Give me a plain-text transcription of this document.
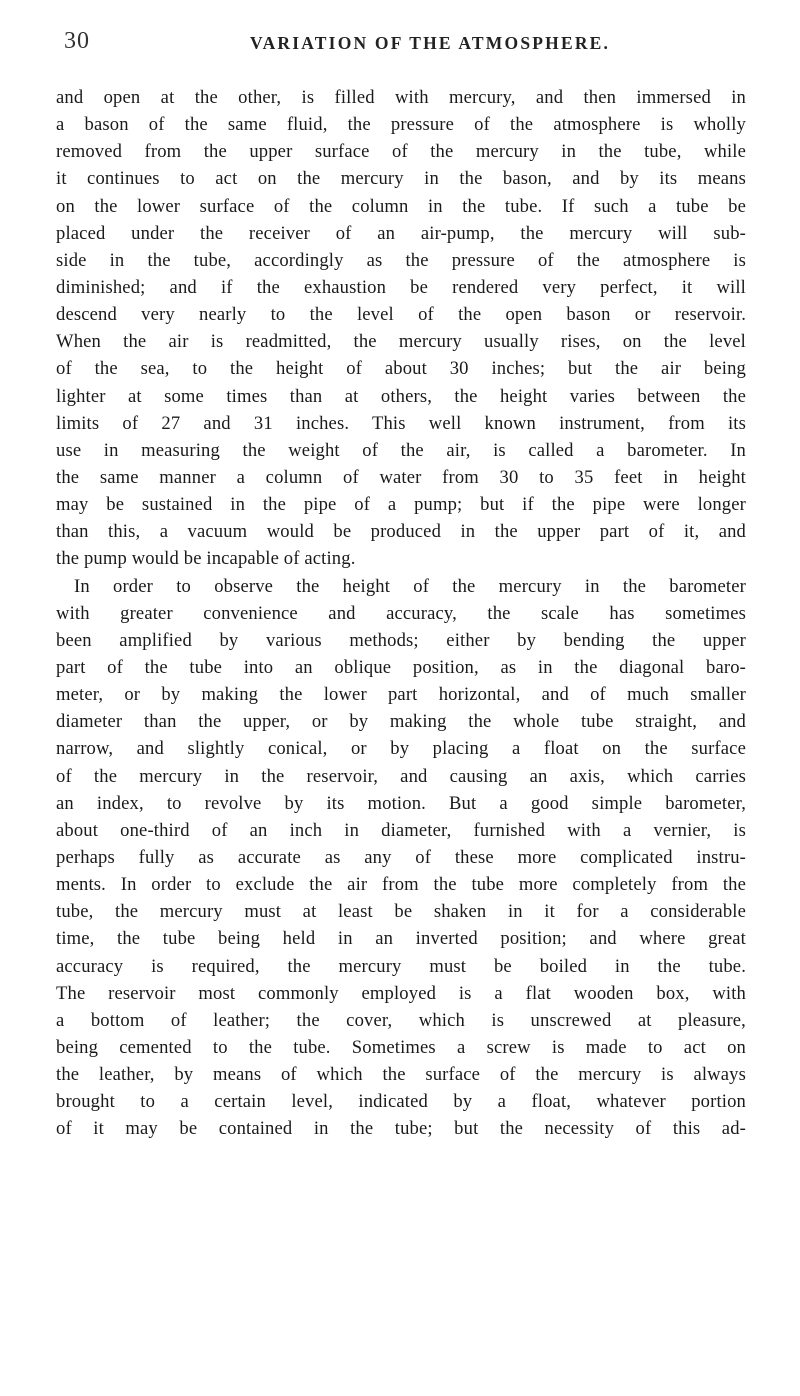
30	VARIATION OF THE ATMOSPHERE.
and open at the other, is filled with mercury, and then immersed in
a bason of the same fluid, the pressure of the atmosphere is wholly
removed from the upper surface of the mercury in the tube, while
it continues to act on the mercury in the bason, and by its means
on the lower surface of the column in the tube. If such a tube be
placed under the receiver of an air-pump, the mercury will sub-
side in the tube, accordingly as the pressure of the atmosphere is
diminished; and if the exhaustion be rendered very perfect, it will
descend very nearly to the level of the open bason or reservoir.
When the air is readmitted, the mercury usually rises, on the level
of the sea, to the height of about 30 inches; but the air being
lighter at some times than at others, the height varies between the
limits of 27 and 31 inches. This well known instrument, from its
use in measuring the weight of the air, is called a barometer. In
the same manner a column of water from 30 to 35 feet in height
may be sustained in the pipe of a pump; but if the pipe were longer
than this, a vacuum would be produced in the upper part of it, and
the pump would be incapable of acting.
In order to observe the height of the mercury in the barometer
with greater convenience and accuracy, the scale has sometimes
been amplified by various methods; either by bending the upper
part of the tube into an oblique position, as in the diagonal baro-
meter, or by making the lower part horizontal, and of much smaller
diameter than the upper, or by making the whole tube straight, and
narrow, and slightly conical, or by placing a float on the surface
of the mercury in the reservoir, and causing an axis, which carries
an index, to revolve by its motion. But a good simple barometer,
about one-third of an inch in diameter, furnished with a vernier, is
perhaps fully as accurate as any of these more complicated instru-
ments. In order to exclude the air from the tube more completely from the
tube, the mercury must at least be shaken in it for a considerable
time, the tube being held in an inverted position; and where great
accuracy is required, the mercury must be boiled in the tube.
The reservoir most commonly employed is a flat wooden box, with
a bottom of leather; the cover, which is unscrewed at pleasure,
being cemented to the tube. Sometimes a screw is made to act on
the leather, by means of which the surface of the mercury is always
brought to a certain level, indicated by a float, whatever portion
of it may be contained in the tube; but the necessity of this ad-
